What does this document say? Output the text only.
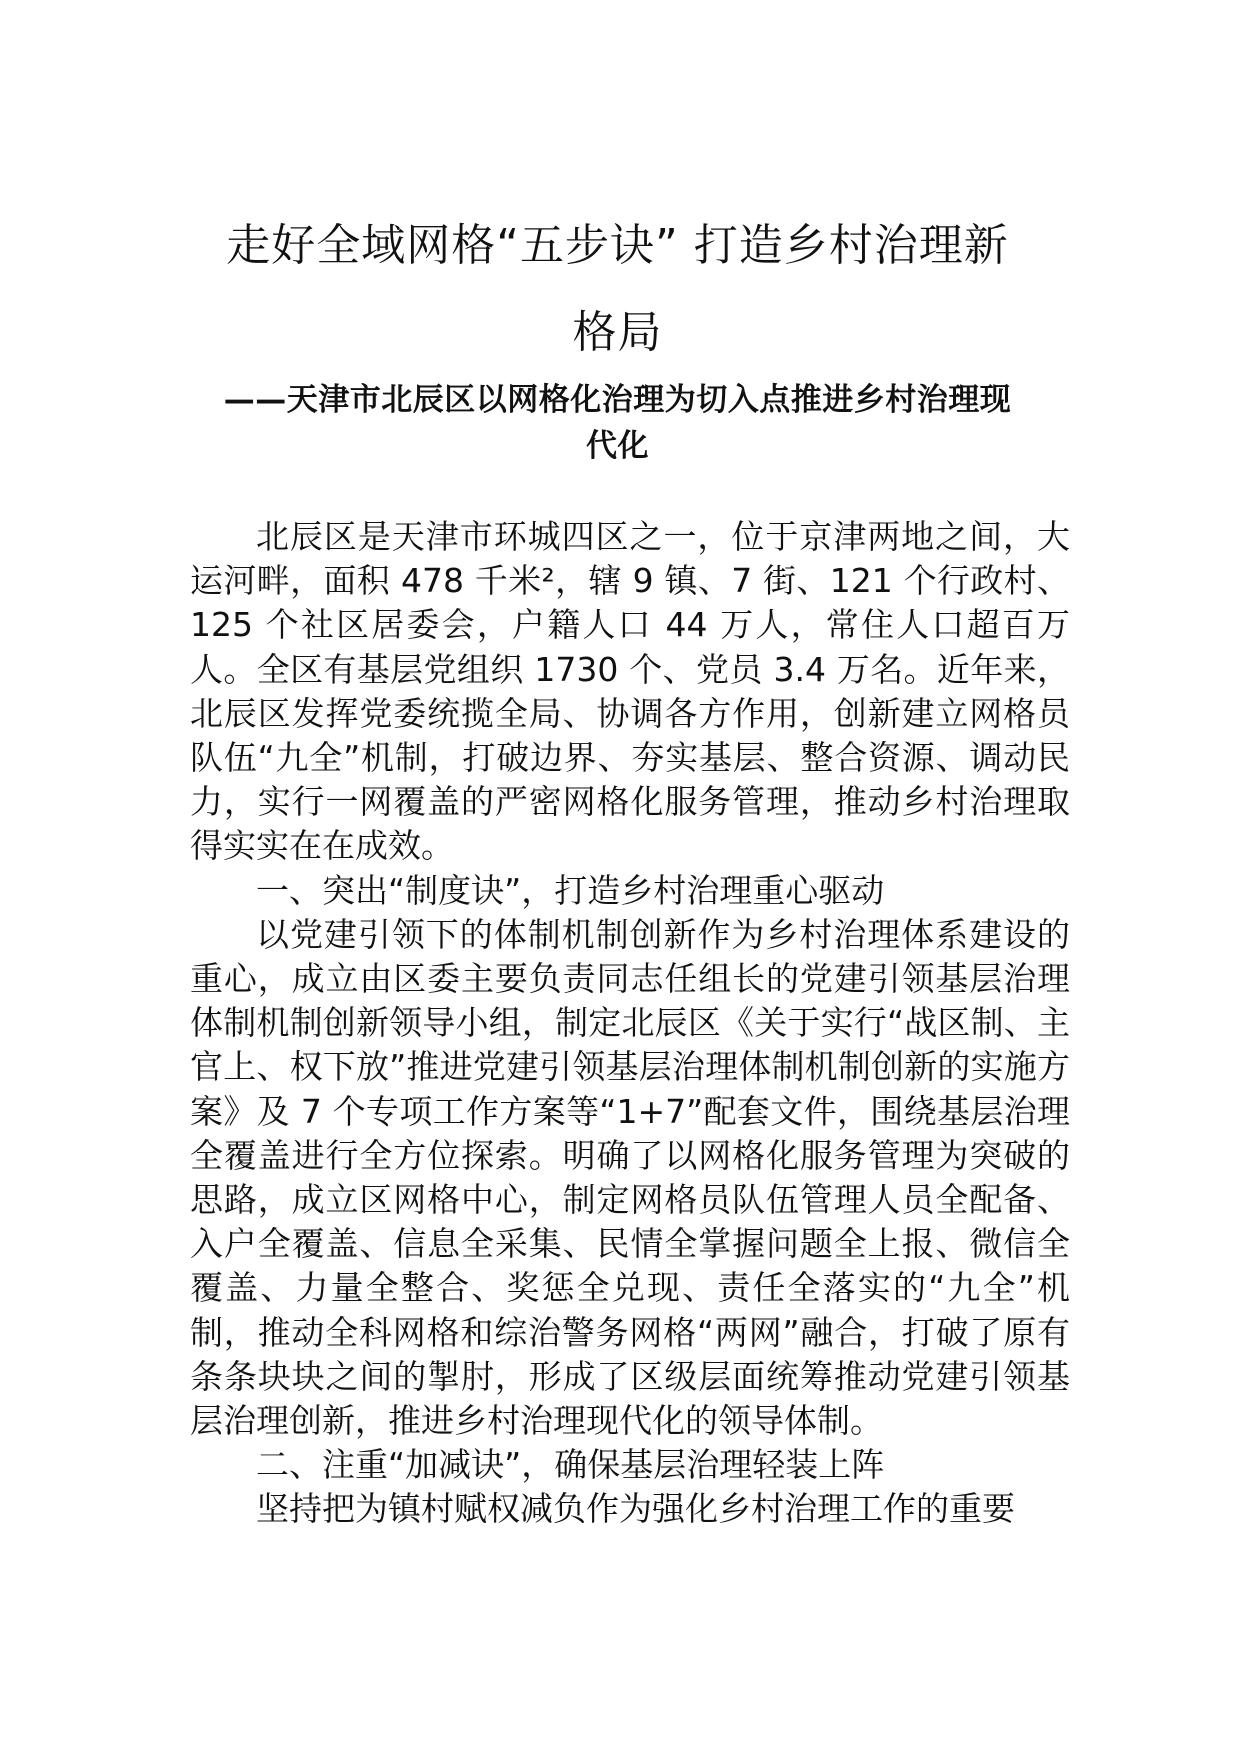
走好全域网格“五步诀” 打造乡村治理新
格局
——天津市北辰区以网格化治理为切入点推进乡村治理现
代化

北辰区是天津市环城四区之一，位于京津两地之间，大运河畔，面积 478 千米²，辖 9 镇、7 街、121 个行政村、125 个社区居委会，户籍人口 44 万人，常住人口超百万人。全区有基层党组织 1730 个、党员 3.4 万名。近年来，北辰区发挥党委统揽全局、协调各方作用，创新建立网格员队伍“九全”机制，打破边界、夯实基层、整合资源、调动民力，实行一网覆盖的严密网格化服务管理，推动乡村治理取得实实在在成效。

一、突出“制度诀”，打造乡村治理重心驱动

以党建引领下的体制机制创新作为乡村治理体系建设的重心，成立由区委主要负责同志任组长的党建引领基层治理体制机制创新领导小组，制定北辰区《关于实行“战区制、主官上、权下放”推进党建引领基层治理体制机制创新的实施方案》及 7 个专项工作方案等“1+7”配套文件，围绕基层治理全覆盖进行全方位探索。明确了以网格化服务管理为突破的思路，成立区网格中心，制定网格员队伍管理人员全配备、入户全覆盖、信息全采集、民情全掌握问题全上报、微信全覆盖、力量全整合、奖惩全兑现、责任全落实的“九全”机制，推动全科网格和综治警务网格“两网”融合，打破了原有条条块块之间的掣肘，形成了区级层面统筹推动党建引领基层治理创新，推进乡村治理现代化的领导体制。

二、注重“加减诀”，确保基层治理轻装上阵

坚持把为镇村赋权减负作为强化乡村治理工作的重要
